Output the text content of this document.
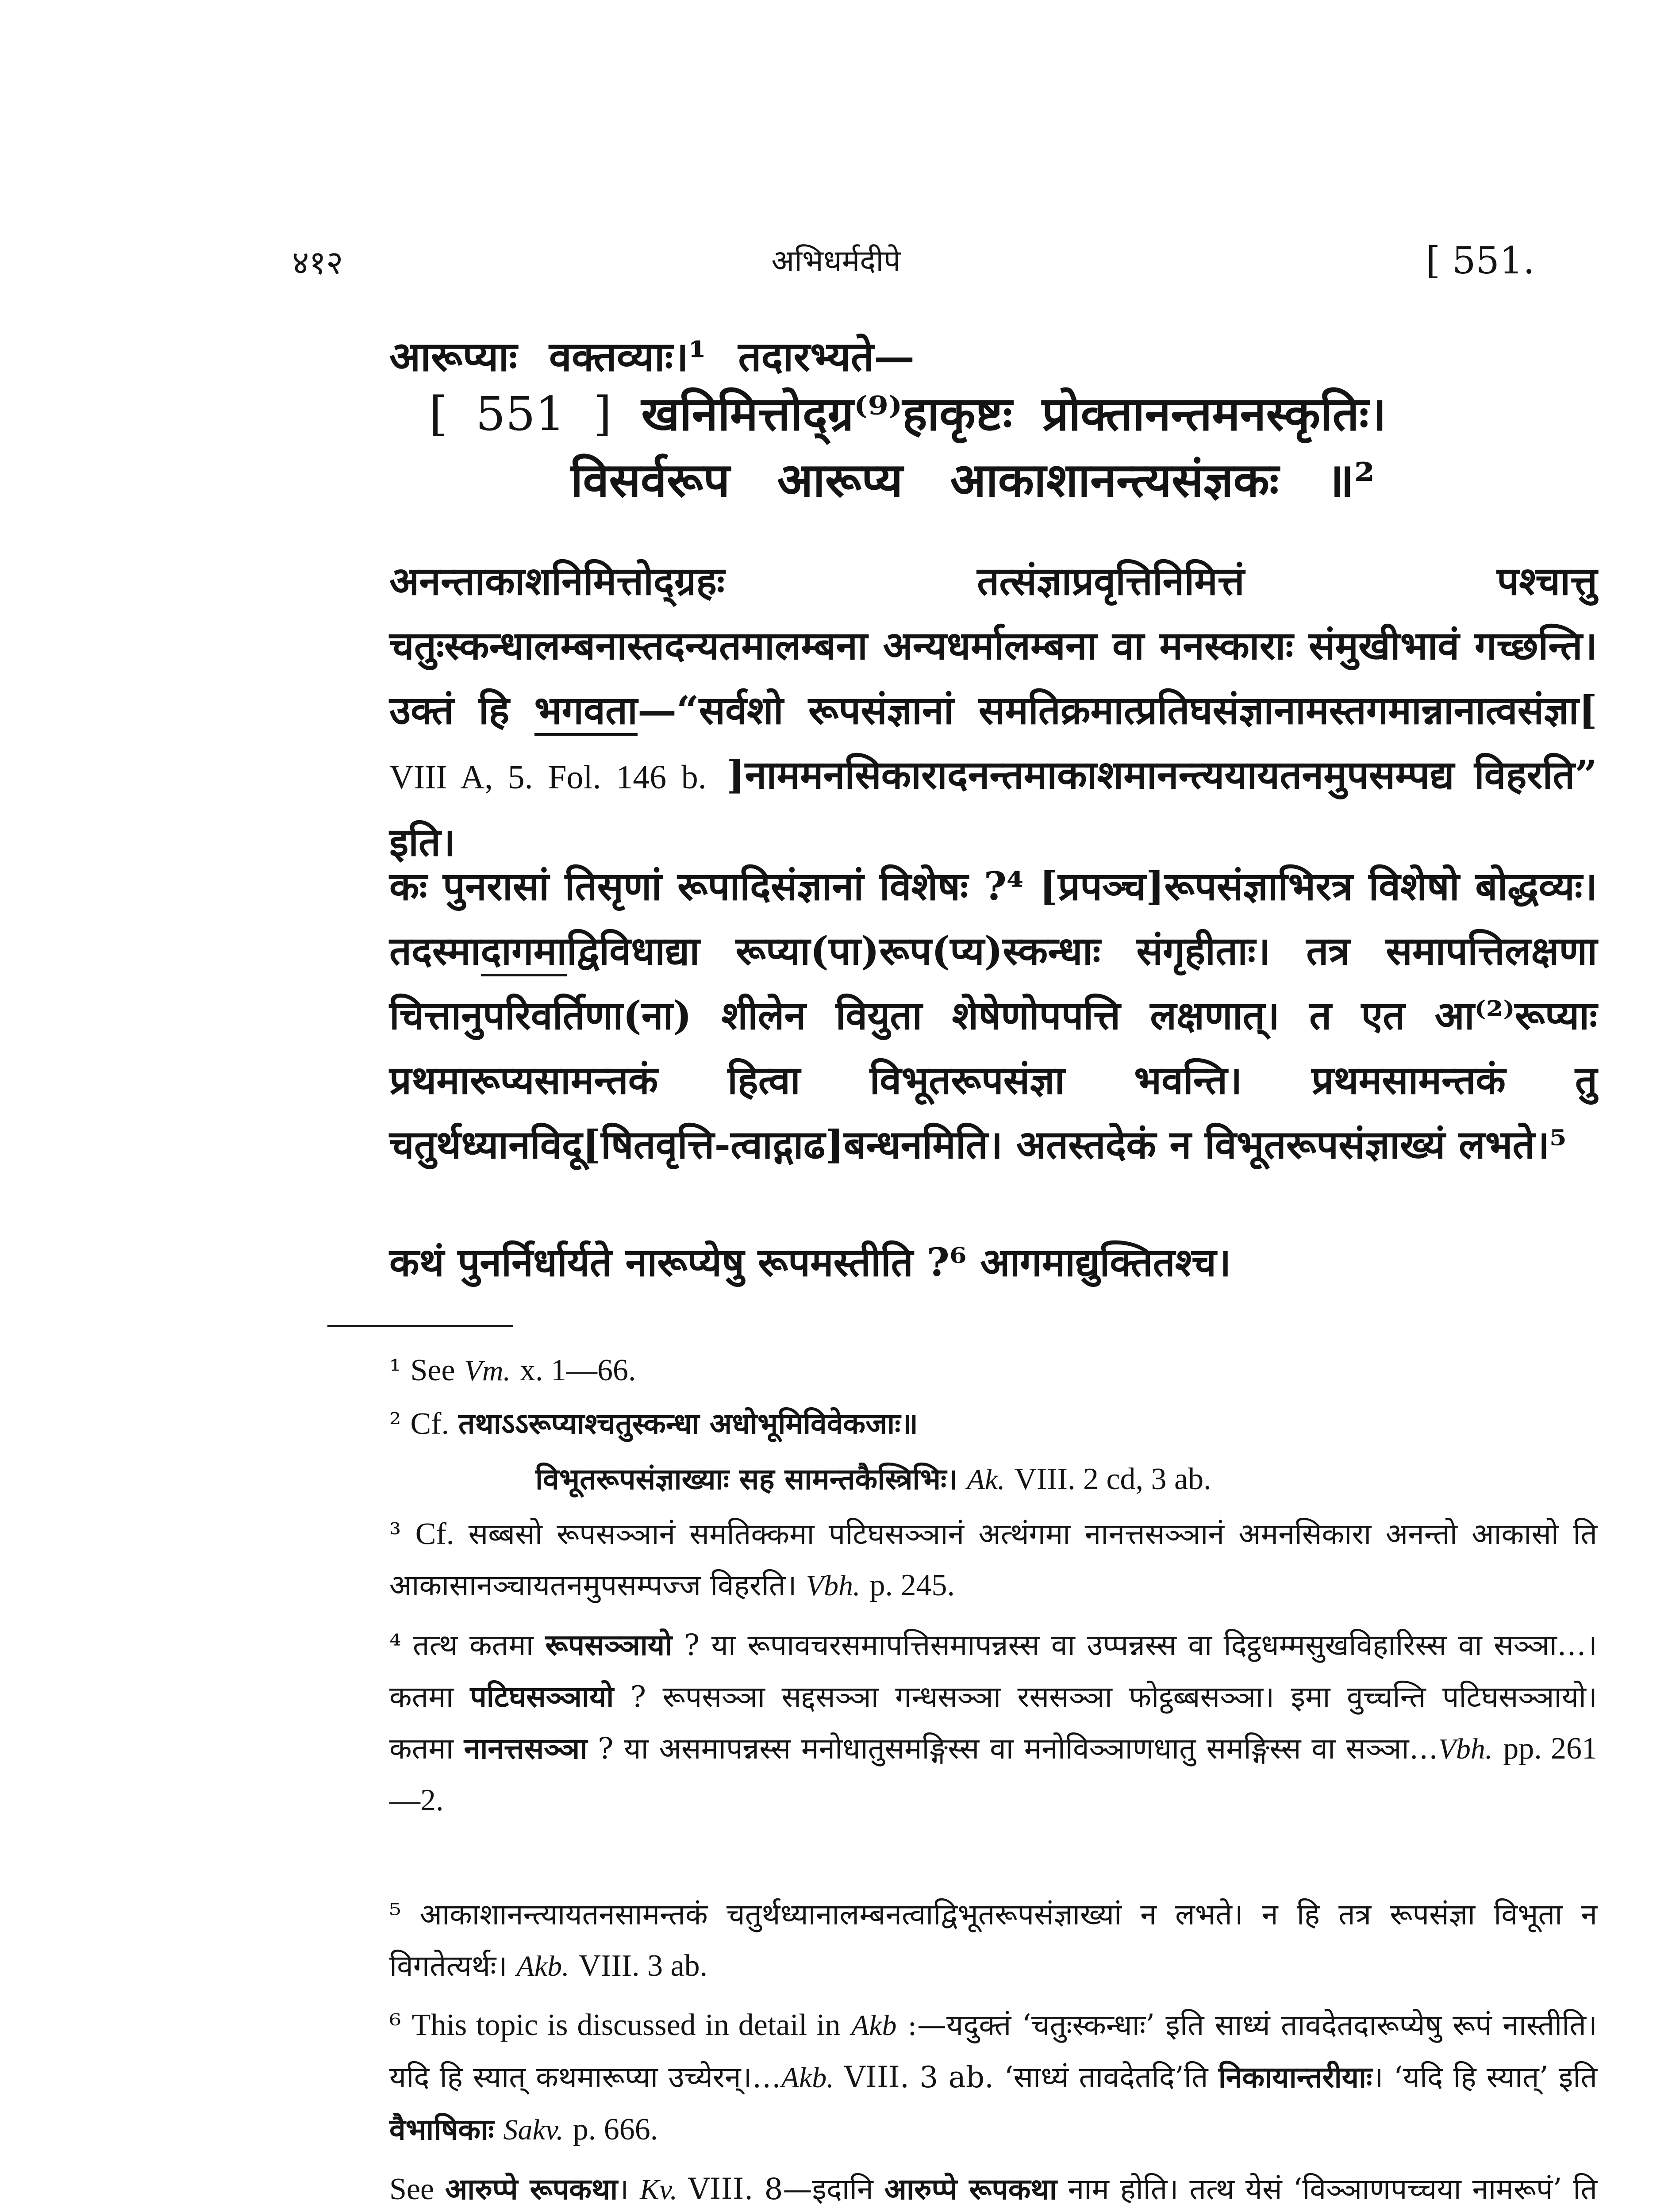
४१२	अभिधर्मदीपे	[ 551.
आरूप्याः वक्तव्याः।¹ तदारभ्यते—
[ 551 ] खनिमित्तोद्ग्र⁽⁹⁾हाकृष्टः प्रोक्तानन्तमनस्कृतिः।
विसर्वरूप आरूप्य आकाशानन्त्यसंज्ञकः ॥²
अनन्ताकाशनिमित्तोद्ग्रहः तत्संज्ञाप्रवृत्तिनिमित्तं पश्चात्तु चतुःस्कन्धालम्बनास्तदन्यतमालम्बना अन्यधर्मालम्बना वा मनस्काराः संमुखीभावं गच्छन्ति। उक्तं हि भगवता—“सर्वशो रूपसंज्ञानां समतिक्रमात्प्रतिघसंज्ञानामस्तगमान्नानात्वसंज्ञा[ VIII A, 5. Fol. 146 b. ]नाममनसिकारादनन्तमाकाशमानन्त्ययायतनमुपसम्पद्य विहरति” इति।
कः पुनरासां तिसृणां रूपादिसंज्ञानां विशेषः ?⁴ [प्रपञ्च]रूपसंज्ञाभिरत्र विशेषो बोद्धव्यः। तदस्मादागमाद्विविधाद्या रूप्या(पा)रूप(प्य)स्कन्धाः संगृहीताः। तत्र समापत्तिलक्षणा चित्तानुपरिवर्तिणा(ना) शीलेन वियुता शेषेणोपपत्ति लक्षणात्। त एत आ⁽²⁾रूप्याः प्रथमारूप्यसामन्तकं हित्वा विभूतरूपसंज्ञा भवन्ति। प्रथमसामन्तकं तु चतुर्थध्यानविदू[षितवृत्ति-त्वाद्गाढ]बन्धनमिति। अतस्तदेकं न विभूतरूपसंज्ञाख्यं लभते।⁵
कथं पुनर्निर्धार्यते नारूप्येषु रूपमस्तीति ?⁶ आगमाद्युक्तितश्च।
¹ See Vm. x. 1—66.
² Cf. तथाऽऽरूप्याश्चतुस्कन्धा अधोभूमिविवेकजाः॥
विभूतरूपसंज्ञाख्याः सह सामन्तकैस्त्रिभिः। Ak. VIII. 2 cd, 3 ab.
³ Cf. सब्बसो रूपसञ्ञानं समतिक्कमा पटिघसञ्ञानं अत्थंगमा नानत्तसञ्ञानं अमनसिकारा अनन्तो आकासो ति आकासानञ्चायतनमुपसम्पज्ज विहरति। Vbh. p. 245.
⁴ तत्थ कतमा रूपसञ्ञायो ? या रूपावचरसमापत्तिसमापन्नस्स वा उप्पन्नस्स वा दिट्ठधम्मसुखविहारिस्स वा सञ्ञा…। कतमा पटिघसञ्ञायो ? रूपसञ्ञा सद्दसञ्ञा गन्धसञ्ञा रससञ्ञा फोट्ठब्बसञ्ञा। इमा वुच्चन्ति पटिघसञ्ञायो। कतमा नानत्तसञ्ञा ? या असमापन्नस्स मनोधातुसमङ्गिस्स वा मनोविञ्ञाणधातु समङ्गिस्स वा सञ्ञा…Vbh. pp. 261—2.
⁵ आकाशानन्त्यायतनसामन्तकं चतुर्थध्यानालम्बनत्वाद्विभूतरूपसंज्ञाख्यां न लभते। न हि तत्र रूपसंज्ञा विभूता न विगतेत्यर्थः। Akb. VIII. 3 ab.
⁶ This topic is discussed in detail in Akb :—यदुक्तं ‘चतुःस्कन्धाः’ इति साध्यं तावदेतदारूप्येषु रूपं नास्तीति। यदि हि स्यात् कथमारूप्या उच्येरन्।…Akb. VIII. 3 ab. ‘साध्यं तावदेतदि’ति निकायान्तरीयाः। ‘यदि हि स्यात्’ इति वैभाषिकाः Sakv. p. 666.
See आरुप्पे रूपकथा। Kv. VIII. 8—इदानि आरुप्पे रूपकथा नाम होति। तत्थ येसं ‘विञ्ञाणपच्चया नामरूपं’ ति
